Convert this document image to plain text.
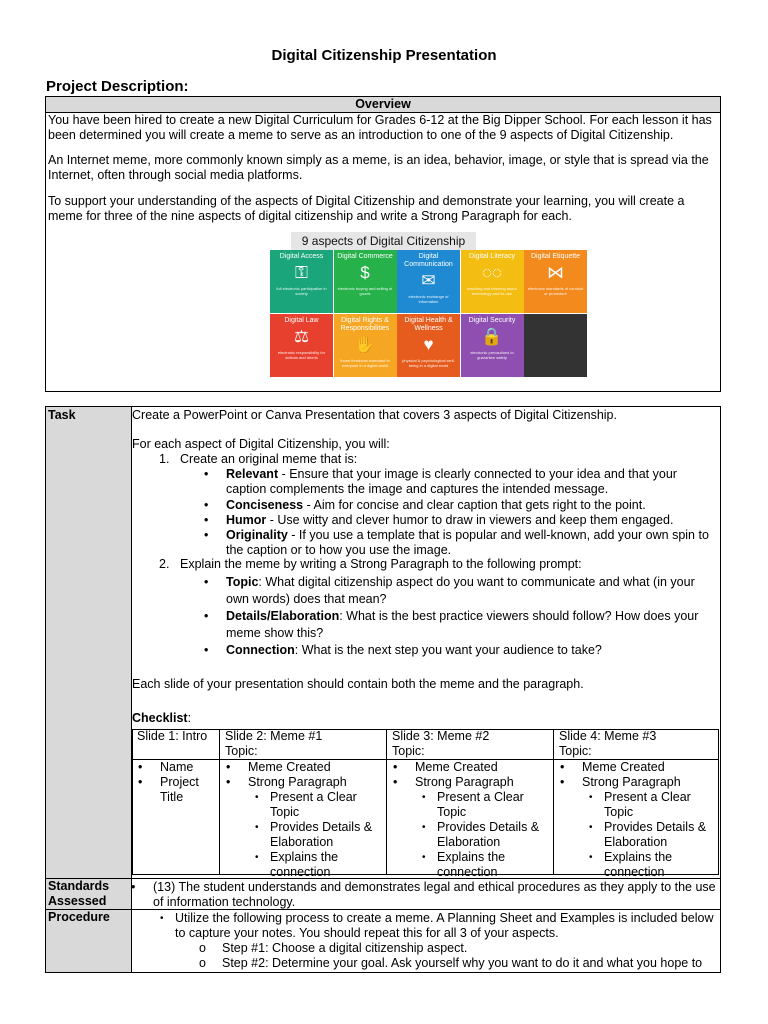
Digital Citizenship Presentation
Project Description:
Overview
You have been hired to create a new Digital Curriculum for Grades 6-12 at the Big Dipper School. For each lesson it has been determined you will create a meme to serve as an introduction to one of the 9 aspects of Digital Citizenship.
An Internet meme, more commonly known simply as a meme, is an idea, behavior, image, or style that is spread via the Internet, often through social media platforms.
To support your understanding of the aspects of Digital Citizenship and demonstrate your learning, you will create a meme for three of the nine aspects of digital citizenship and write a Strong Paragraph for each.
9 aspects of Digital Citizenship
Digital Access
⚿
full electronic participation in society
Digital Commerce
$
electronic buying and selling of goods
Digital Communication
✉
electronic exchange of information
Digital Literacy
◌◌
teaching and learning about technology and its use
Digital Etiquette
⋈
electronic standards of conduct or procedure
Digital Law
⚖
electronic responsibility for actions and deeds
Digital Rights & Responsibilities
✋
those freedoms extended to everyone in a digital world
Digital Health & Wellness
♥
physical & psychological well-being in a digital world
Digital Security
🔒
electronic precautions to guarantee safety
Task
Standards Assessed
Procedure
Create a PowerPoint or Canva Presentation that covers 3 aspects of Digital Citizenship.
For each aspect of Digital Citizenship, you will:
1. Create an original meme that is:
• Relevant - Ensure that your image is clearly connected to your idea and that your caption complements the image and captures the intended message.
• Conciseness - Aim for concise and clear caption that gets right to the point.
• Humor - Use witty and clever humor to draw in viewers and keep them engaged.
• Originality - If you use a template that is popular and well-known, add your own spin to the caption or to how you use the image.
2. Explain the meme by writing a Strong Paragraph to the following prompt:
• Topic: What digital citizenship aspect do you want to communicate and what (in your own words) does that mean?
• Details/Elaboration: What is the best practice viewers should follow? How does your meme show this?
• Connection: What is the next step you want your audience to take?
Each slide of your presentation should contain both the meme and the paragraph.
Checklist:
Slide 1: Intro
• Name
• Project Title
Slide 2: Meme #1
Topic:
• Meme Created
• Strong Paragraph
• Present a Clear Topic
• Provides Details & Elaboration
• Explains the connection
Slide 3: Meme #2
Topic:
• Meme Created
• Strong Paragraph
• Present a Clear Topic
• Provides Details & Elaboration
• Explains the connection
Slide 4: Meme #3
Topic:
• Meme Created
• Strong Paragraph
• Present a Clear Topic
• Provides Details & Elaboration
• Explains the connection
• (13) The student understands and demonstrates legal and ethical procedures as they apply to the use of information technology.
• Utilize the following process to create a meme. A Planning Sheet and Examples is included below to capture your notes. You should repeat this for all 3 of your aspects.
o Step #1: Choose a digital citizenship aspect.
o Step #2: Determine your goal. Ask yourself why you want to do it and what you hope to
